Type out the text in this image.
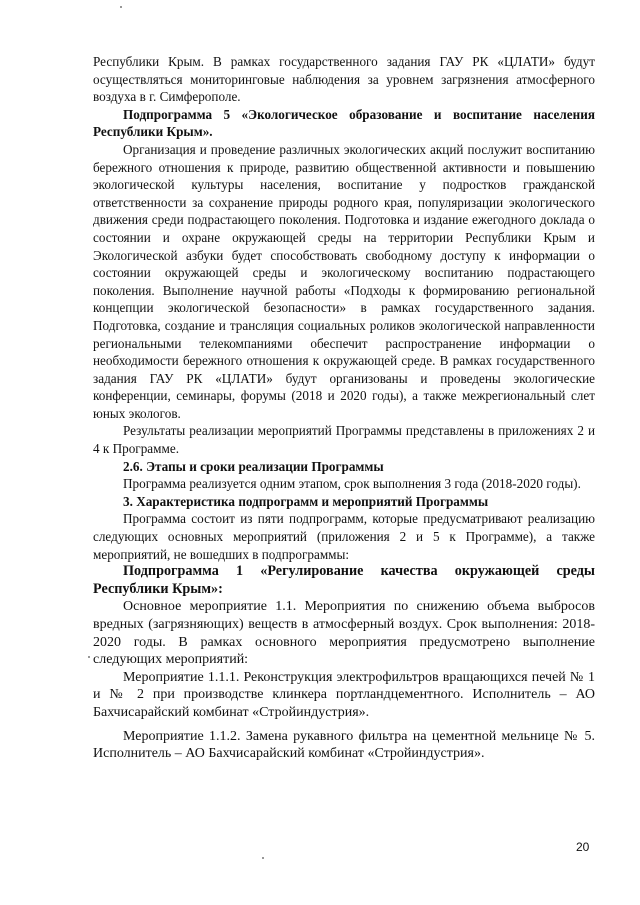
Республики Крым. В рамках государственного задания ГАУ РК «ЦЛАТИ» будут осуществляться мониторинговые наблюдения за уровнем загрязнения атмосферного воздуха в г. Симферополе.

Подпрограмма 5 «Экологическое образование и воспитание населения Республики Крым».

Организация и проведение различных экологических акций послужит воспитанию бережного отношения к природе, развитию общественной активности и повышению экологической культуры населения, воспитание у подростков гражданской ответственности за сохранение природы родного края, популяризации экологического движения среди подрастающего поколения. Подготовка и издание ежегодного доклада о состоянии и охране окружающей среды на территории Республики Крым и Экологической азбуки будет способствовать свободному доступу к информации о состоянии окружающей среды и экологическому воспитанию подрастающего поколения. Выполнение научной работы «Подходы к формированию региональной концепции экологической безопасности» в рамках государственного задания. Подготовка, создание и трансляция социальных роликов экологической направленности региональными телекомпаниями обеспечит распространение информации о необходимости бережного отношения к окружающей среде. В рамках государственного задания ГАУ РК «ЦЛАТИ» будут организованы и проведены экологические конференции, семинары, форумы (2018 и 2020 годы), а также межрегиональный слет юных экологов.

Результаты реализации мероприятий Программы представлены в приложениях 2 и 4 к Программе.

2.6. Этапы и сроки реализации Программы

Программа реализуется одним этапом, срок выполнения 3 года (2018-2020 годы).

3. Характеристика подпрограмм и мероприятий Программы

Программа состоит из пяти подпрограмм, которые предусматривают реализацию следующих основных мероприятий (приложения 2 и 5 к Программе), а также мероприятий, не вошедших в подпрограммы:

Подпрограмма 1 «Регулирование качества окружающей среды Республики Крым»:

Основное мероприятие 1.1. Мероприятия по снижению объема выбросов вредных (загрязняющих) веществ в атмосферный воздух. Срок выполнения: 2018-2020 годы. В рамках основного мероприятия предусмотрено выполнение следующих мероприятий:

Мероприятие 1.1.1. Реконструкция электрофильтров вращающихся печей № 1 и № 2 при производстве клинкера портландцементного. Исполнитель – АО Бахчисарайский комбинат «Стройиндустрия».

Мероприятие 1.1.2. Замена рукавного фильтра на цементной мельнице № 5. Исполнитель – АО Бахчисарайский комбинат «Стройиндустрия».

20
